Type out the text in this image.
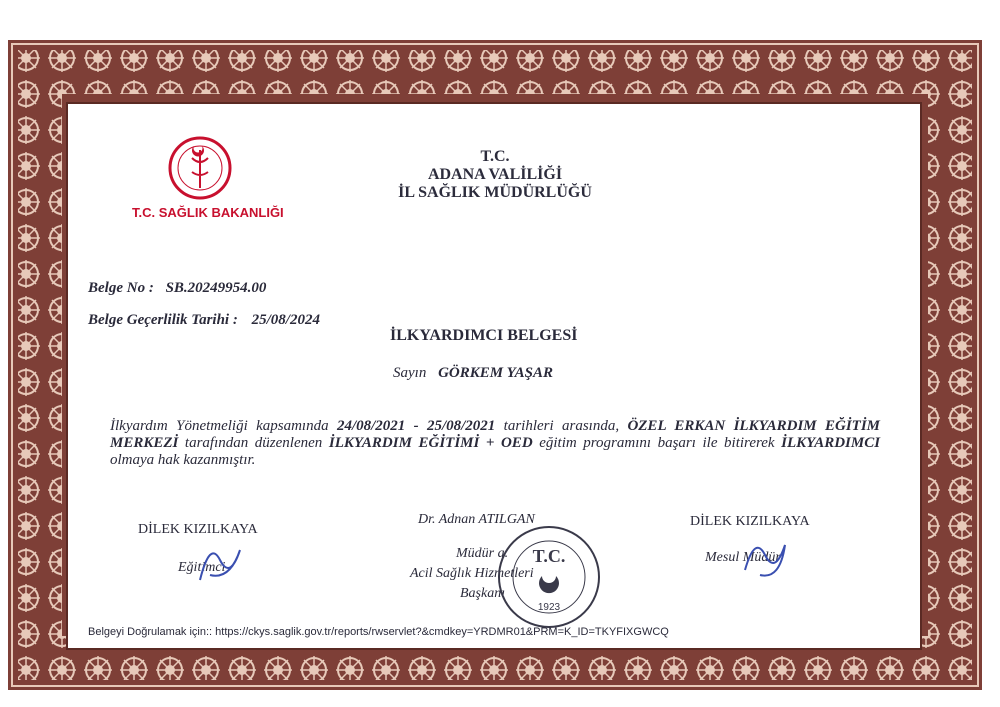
T.C. SAĞLIK BAKANLIĞI
T.C.
ADANA VALİLİĞİ
İL SAĞLIK MÜDÜRLÜĞÜ
Belge No : SB.20249954.00
Belge Geçerlilik Tarihi : 25/08/2024
İLKYARDIMCI BELGESİ
Sayın GÖRKEM YAŞAR
İlkyardım Yönetmeliği kapsamında 24/08/2021 - 25/08/2021 tarihleri arasında, ÖZEL ERKAN İLKYARDIM EĞİTİM MERKEZİ tarafından düzenlenen İLKYARDIM EĞİTİMİ + OED eğitim programını başarı ile bitirerek İLKYARDIMCI olmaya hak kazanmıştır.
DİLEK KIZILKAYA
Eğitimci
Dr. Adnan ATILGAN
Müdür a.
Acil Sağlık Hizmetleri
Başkanı
T.C.
1923
DİLEK KIZILKAYA
Mesul Müdür
Belgeyi Doğrulamak için:: https://ckys.saglik.gov.tr/reports/rwservlet?&cmdkey=YRDMR01&PRM=K_ID=TKYFIXGWCQ
